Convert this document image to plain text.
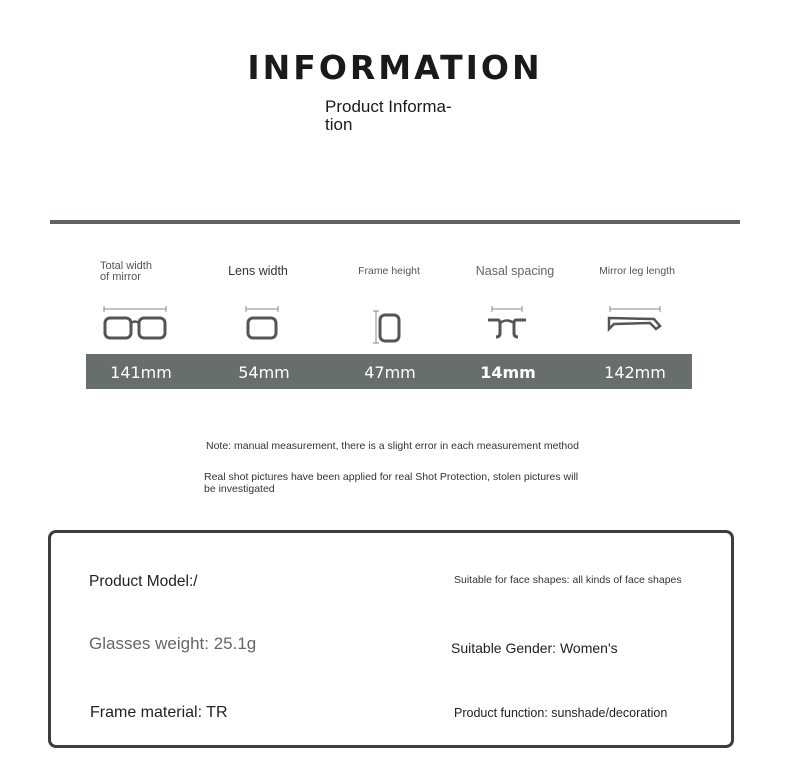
INFORMATION
Product Informa-tion
Total width of mirror	Lens width	Frame height	Nasal spacing	Mirror leg length
141mm	54mm	47mm	14mm	142mm
Note: manual measurement, there is a slight error in each measurement method
Real shot pictures have been applied for real Shot Protection, stolen pictures will be investigated
Product Model:/	Suitable for face shapes: all kinds of face shapes
Glasses weight: 25.1g	Suitable Gender: Women's
Frame material: TR	Product function: sunshade/decoration
